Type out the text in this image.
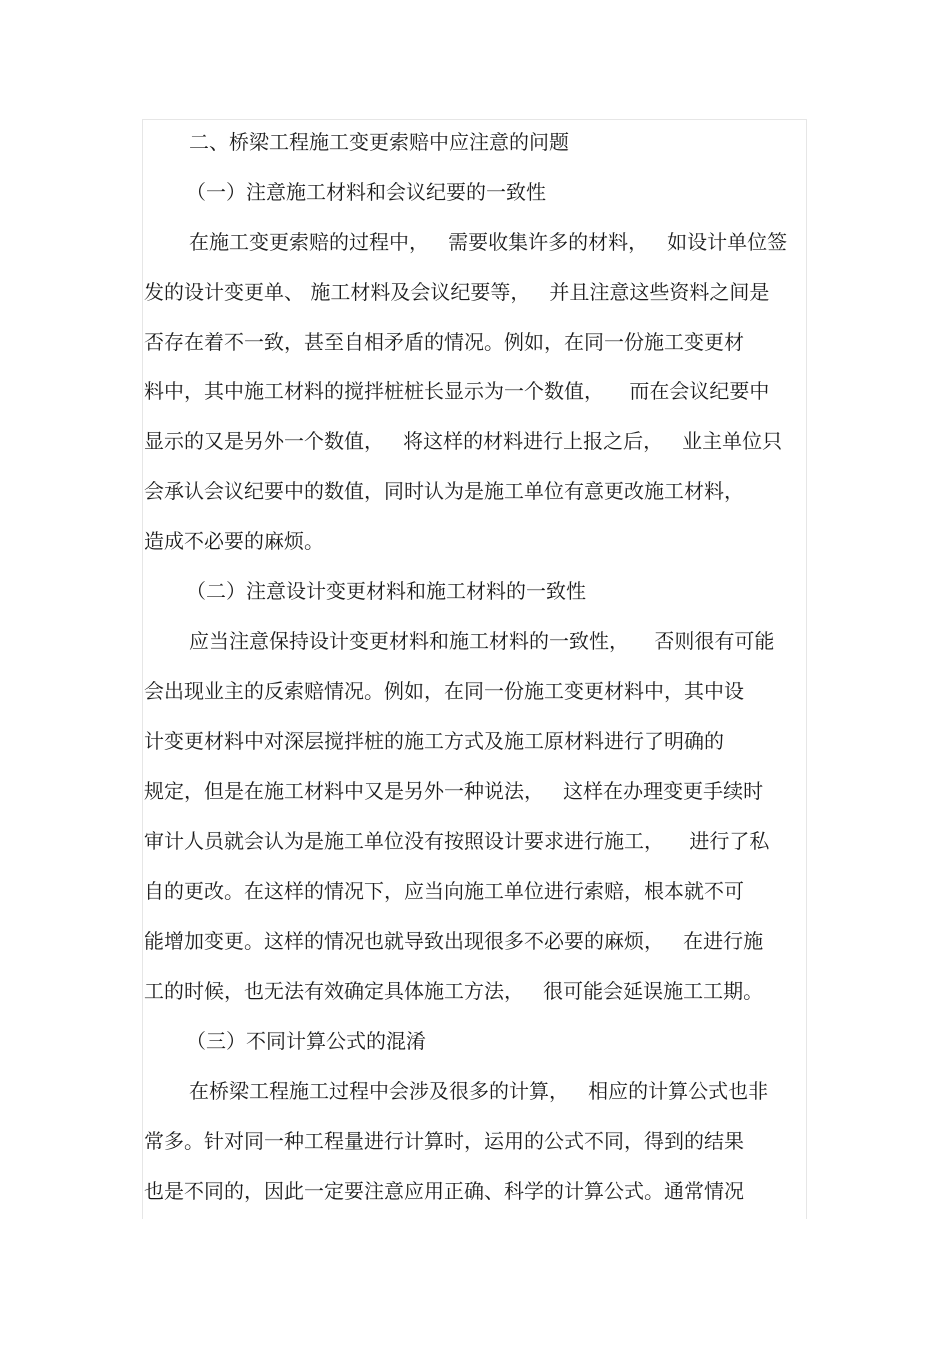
二、桥梁工程施工变更索赔中应注意的问题
（一）注意施工材料和会议纪要的一致性
在施工变更索赔的过程中，   需要收集许多的材料，   如设计单位签
发的设计变更单、 施工材料及会议纪要等，   并且注意这些资料之间是
否存在着不一致，甚至自相矛盾的情况。例如，在同一份施工变更材
料中，其中施工材料的搅拌桩桩长显示为一个数值，    而在会议纪要中
显示的又是另外一个数值，   将这样的材料进行上报之后，   业主单位只
会承认会议纪要中的数值，同时认为是施工单位有意更改施工材料，
造成不必要的麻烦。
（二）注意设计变更材料和施工材料的一致性
应当注意保持设计变更材料和施工材料的一致性，    否则很有可能
会出现业主的反索赔情况。例如，在同一份施工变更材料中，其中设
计变更材料中对深层搅拌桩的施工方式及施工原材料进行了明确的
规定，但是在施工材料中又是另外一种说法，   这样在办理变更手续时
审计人员就会认为是施工单位没有按照设计要求进行施工，    进行了私
自的更改。在这样的情况下，应当向施工单位进行索赔，根本就不可
能增加变更。这样的情况也就导致出现很多不必要的麻烦，   在进行施
工的时候，也无法有效确定具体施工方法，   很可能会延误施工工期。
（三）不同计算公式的混淆
在桥梁工程施工过程中会涉及很多的计算，   相应的计算公式也非
常多。针对同一种工程量进行计算时，运用的公式不同，得到的结果
也是不同的，因此一定要注意应用正确、科学的计算公式。通常情况
